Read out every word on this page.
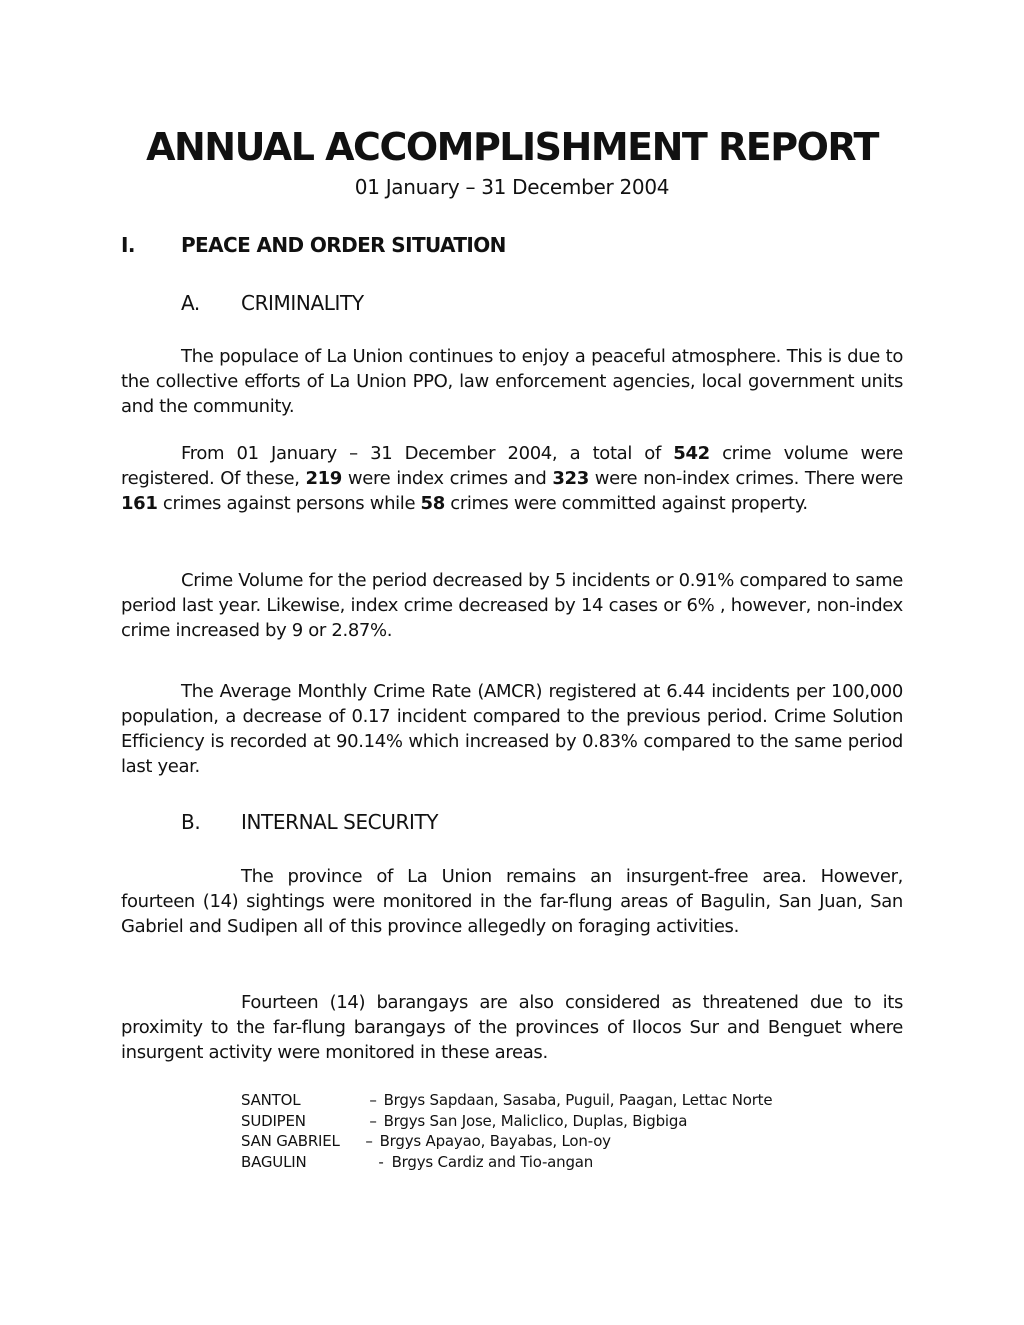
ANNUAL ACCOMPLISHMENT REPORT
01 January – 31 December 2004
I. PEACE AND ORDER SITUATION
A. CRIMINALITY

The populace of La Union continues to enjoy a peaceful atmosphere. This is due to the collective efforts of La Union PPO, law enforcement agencies, local government units and the community.

From 01 January – 31 December 2004, a total of 542 crime volume were registered. Of these, 219 were index crimes and 323 were non-index crimes. There were 161 crimes against persons while 58 crimes were committed against property.

Crime Volume for the period decreased by 5 incidents or 0.91% compared to same period last year. Likewise, index crime decreased by 14 cases or 6% , however, non-index crime increased by 9 or 2.87%.

The Average Monthly Crime Rate (AMCR) registered at 6.44 incidents per 100,000 population, a decrease of 0.17 incident compared to the previous period. Crime Solution Efficiency is recorded at 90.14% which increased by 0.83% compared to the same period last year.

B. INTERNAL SECURITY

The province of La Union remains an insurgent-free area. However, fourteen (14) sightings were monitored in the far-flung areas of Bagulin, San Juan, San Gabriel and Sudipen all of this province allegedly on foraging activities.

Fourteen (14) barangays are also considered as threatened due to its proximity to the far-flung barangays of the provinces of Ilocos Sur and Benguet where insurgent activity were monitored in these areas.

SANTOL	– Brgys Sapdaan, Sasaba, Puguil, Paagan, Lettac Norte
SUDIPEN	– Brgys San Jose, Maliclico, Duplas, Bigbiga
SAN GABRIEL – Brgys Apayao, Bayabas, Lon-oy
BAGULIN	- Brgys Cardiz and Tio-angan
